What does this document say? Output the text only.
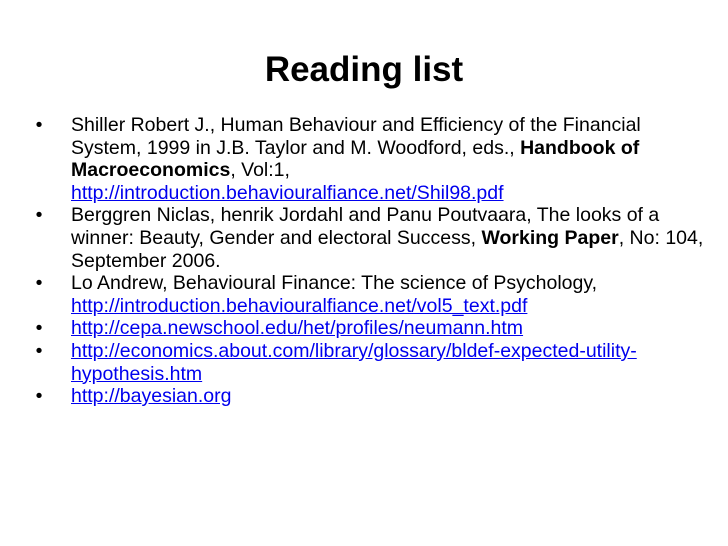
Reading list
• Shiller Robert J., Human Behaviour and Efficiency of the Financial System, 1999 in J.B. Taylor and M. Woodford, eds., Handbook of Macroeconomics, Vol:1,
http://introduction.behaviouralfiance.net/Shil98.pdf
• Berggren Niclas, henrik Jordahl and Panu Poutvaara, The looks of a winner: Beauty, Gender and electoral Success, Working Paper, No: 104, September 2006.
• Lo Andrew, Behavioural Finance: The science of Psychology,
http://introduction.behaviouralfiance.net/vol5_text.pdf
• http://cepa.newschool.edu/het/profiles/neumann.htm
• http://economics.about.com/library/glossary/bldef-expected-utility-hypothesis.htm
• http://bayesian.org
